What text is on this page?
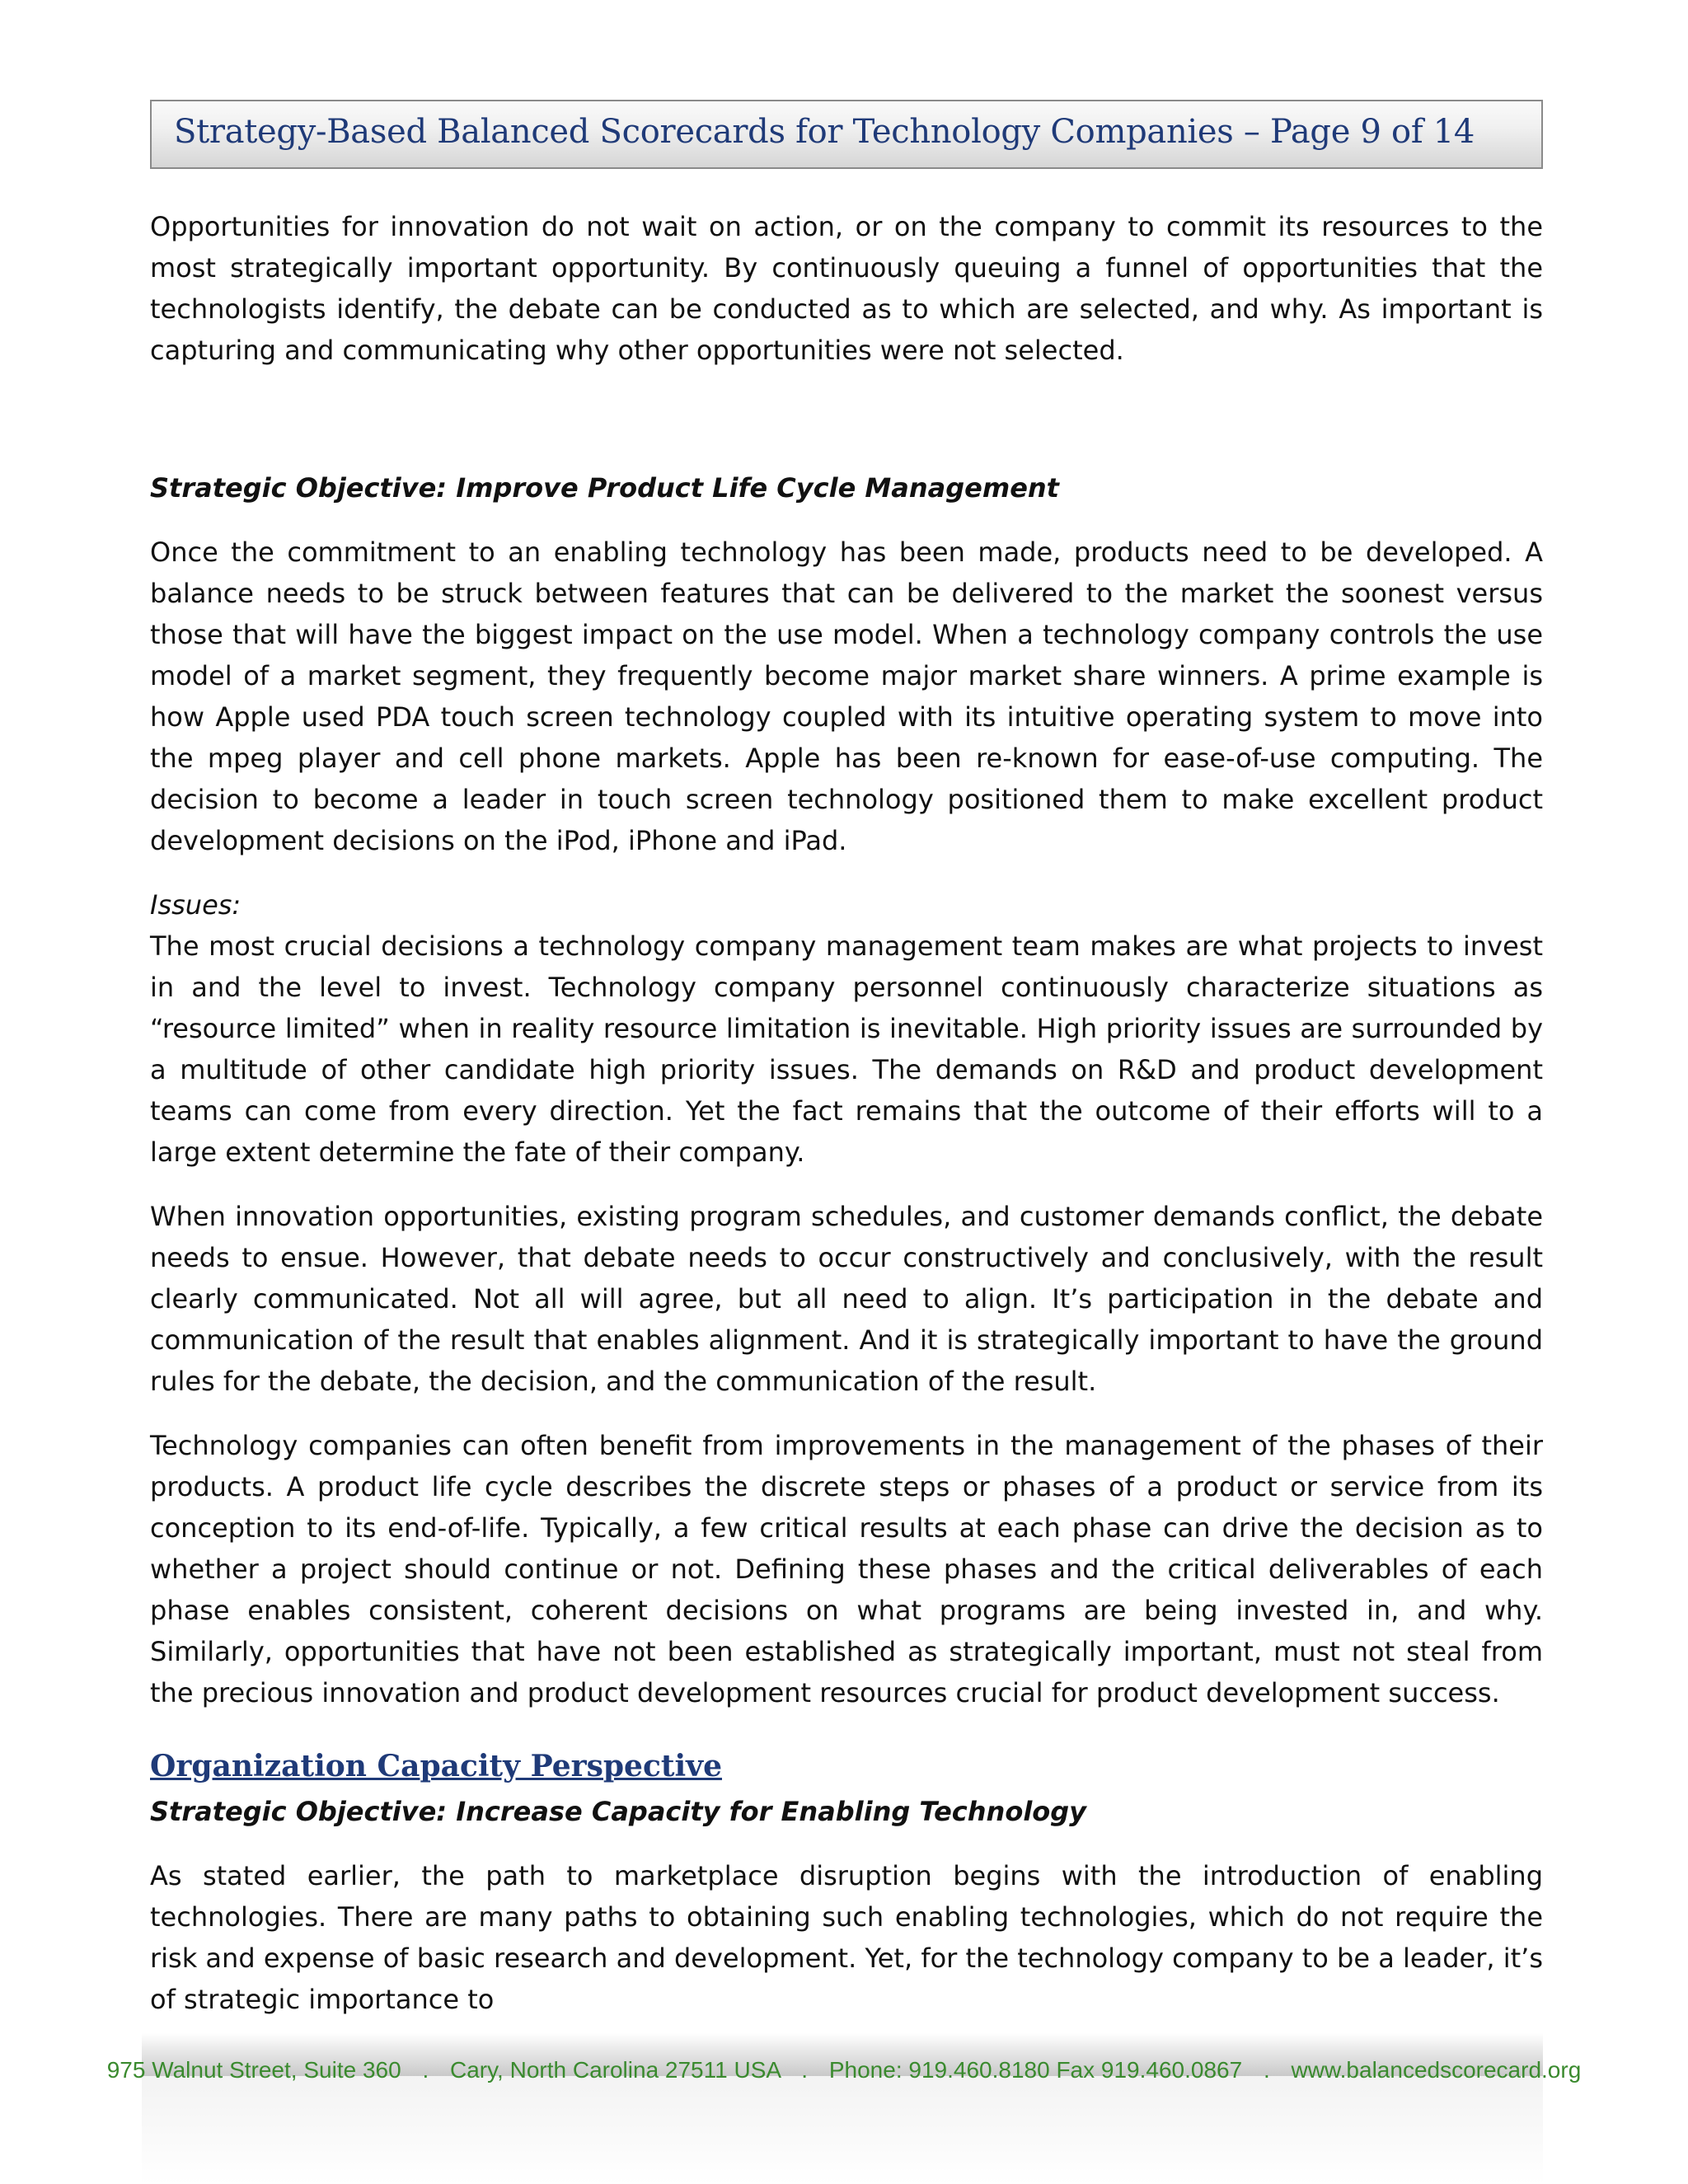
Strategy-Based Balanced Scorecards for Technology Companies – Page 9 of 14

Opportunities for innovation do not wait on action, or on the company to commit its resources to the most strategically important opportunity. By continuously queuing a funnel of opportunities that the technologists identify, the debate can be conducted as to which are selected, and why. As important is capturing and communicating why other opportunities were not selected.

Strategic Objective: Improve Product Life Cycle Management

Once the commitment to an enabling technology has been made, products need to be developed. A balance needs to be struck between features that can be delivered to the market the soonest versus those that will have the biggest impact on the use model. When a technology company controls the use model of a market segment, they frequently become major market share winners. A prime example is how Apple used PDA touch screen technology coupled with its intuitive operating system to move into the mpeg player and cell phone markets. Apple has been re-known for ease-of-use computing. The decision to become a leader in touch screen technology positioned them to make excellent product development decisions on the iPod, iPhone and iPad.

Issues:

The most crucial decisions a technology company management team makes are what projects to invest in and the level to invest. Technology company personnel continuously characterize situations as “resource limited” when in reality resource limitation is inevitable. High priority issues are surrounded by a multitude of other candidate high priority issues. The demands on R&D and product development teams can come from every direction. Yet the fact remains that the outcome of their efforts will to a large extent determine the fate of their company.

When innovation opportunities, existing program schedules, and customer demands conflict, the debate needs to ensue. However, that debate needs to occur constructively and conclusively, with the result clearly communicated. Not all will agree, but all need to align. It’s participation in the debate and communication of the result that enables alignment. And it is strategically important to have the ground rules for the debate, the decision, and the communication of the result.

Technology companies can often benefit from improvements in the management of the phases of their products. A product life cycle describes the discrete steps or phases of a product or service from its conception to its end-of-life. Typically, a few critical results at each phase can drive the decision as to whether a project should continue or not. Defining these phases and the critical deliverables of each phase enables consistent, coherent decisions on what programs are being invested in, and why. Similarly, opportunities that have not been established as strategically important, must not steal from the precious innovation and product development resources crucial for product development success.

Organization Capacity Perspective

Strategic Objective: Increase Capacity for Enabling Technology

As stated earlier, the path to marketplace disruption begins with the introduction of enabling technologies. There are many paths to obtaining such enabling technologies, which do not require the risk and expense of basic research and development. Yet, for the technology company to be a leader, it’s of strategic importance to

975 Walnut Street, Suite 360 . Cary, North Carolina 27511 USA . Phone: 919.460.8180 Fax 919.460.0867 . www.balancedscorecard.org
